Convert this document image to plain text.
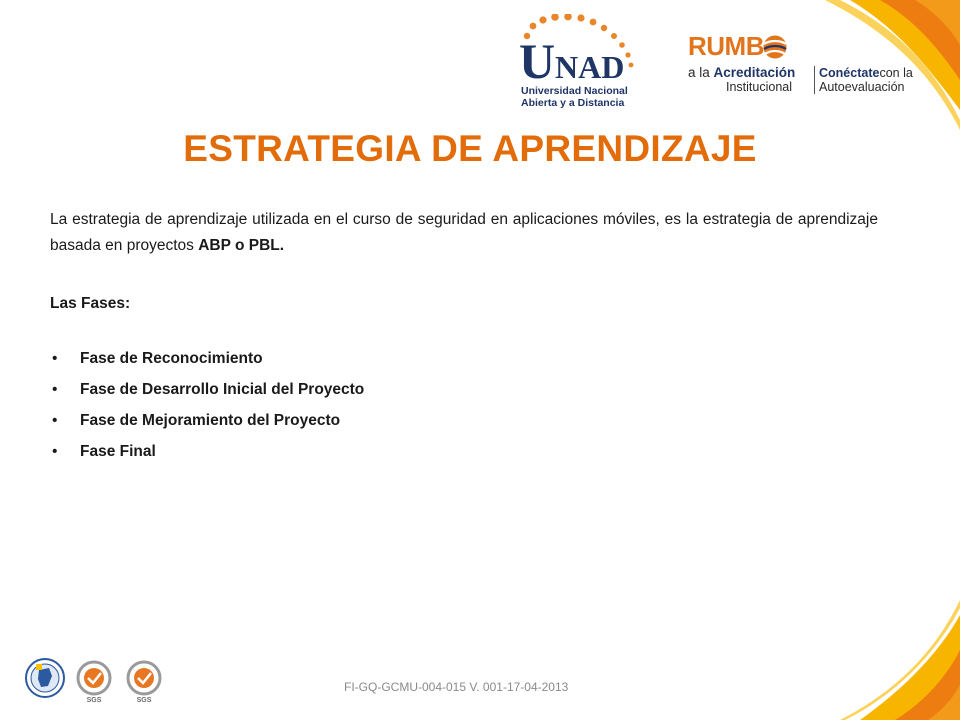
U NAD
Universidad Nacional
Abierta y a Distancia
RUMB
a la Acreditación
Institucional
Conéctatecon la
Autoevaluación
ESTRATEGIA DE APRENDIZAJE

La estrategia de aprendizaje utilizada en el curso de seguridad en aplicaciones móviles, es la estrategia de aprendizaje basada en proyectos ABP o PBL.

Las Fases:

• Fase de Reconocimiento
• Fase de Desarrollo Inicial del Proyecto
• Fase de Mejoramiento del Proyecto
• Fase Final
SGS	SGS
FI-GQ-GCMU-004-015 V. 001-17-04-2013
